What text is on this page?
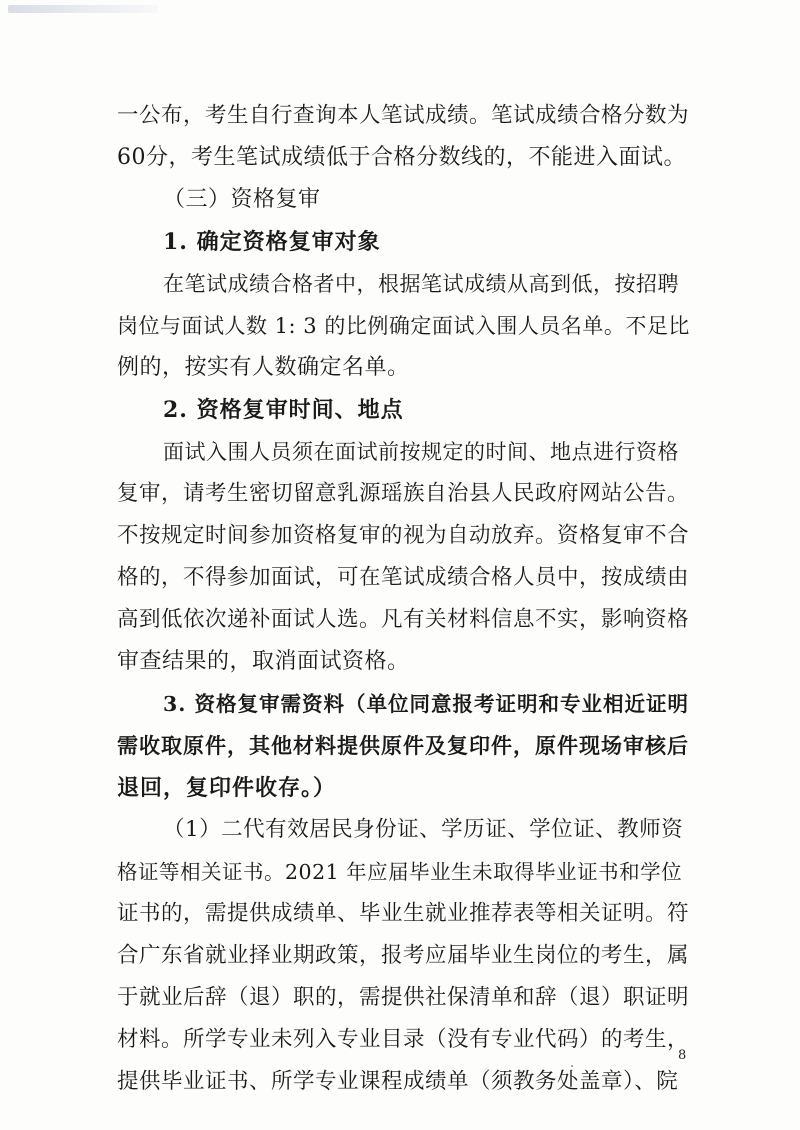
一公布，考生自行查询本人笔试成绩。笔试成绩合格分数为
60分，考生笔试成绩低于合格分数线的，不能进入面试。
（三）资格复审
1. 确定资格复审对象
在笔试成绩合格者中，根据笔试成绩从高到低，按招聘
岗位与面试人数 1: 3 的比例确定面试入围人员名单。不足比
例的，按实有人数确定名单。
2. 资格复审时间、地点
面试入围人员须在面试前按规定的时间、地点进行资格
复审，请考生密切留意乳源瑶族自治县人民政府网站公告。
不按规定时间参加资格复审的视为自动放弃。资格复审不合
格的，不得参加面试，可在笔试成绩合格人员中，按成绩由
高到低依次递补面试人选。凡有关材料信息不实，影响资格
审查结果的，取消面试资格。
3. 资格复审需资料（单位同意报考证明和专业相近证明
需收取原件，其他材料提供原件及复印件，原件现场审核后
退回，复印件收存。）
（1）二代有效居民身份证、学历证、学位证、教师资
格证等相关证书。2021 年应届毕业生未取得毕业证书和学位
证书的，需提供成绩单、毕业生就业推荐表等相关证明。符
合广东省就业择业期政策，报考应届毕业生岗位的考生，属
于就业后辞（退）职的，需提供社保清单和辞（退）职证明
材料。所学专业未列入专业目录（没有专业代码）的考生，
提供毕业证书、所学专业课程成绩单（须教务处盖章）、院
8
